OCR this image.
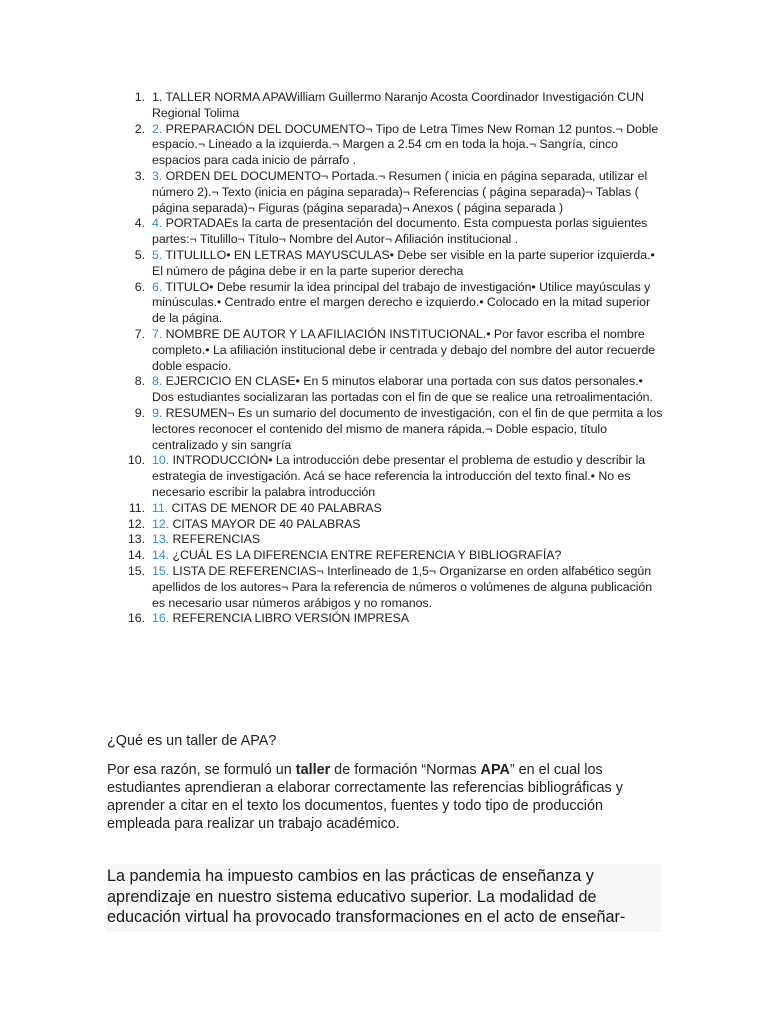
1. 1. TALLER NORMA APAWilliam Guillermo Naranjo Acosta Coordinador Investigación CUN Regional Tolima
2. 2. PREPARACIÓN DEL DOCUMENTO¬ Tipo de Letra Times New Roman 12 puntos.¬ Doble espacio.¬ Lineado a la izquierda.¬ Margen a 2.54 cm en toda la hoja.¬ Sangría, cinco espacios para cada inicio de párrafo .
3. 3. ORDEN DEL DOCUMENTO¬ Portada.¬ Resumen ( inicia en página separada, utilizar el número 2).¬ Texto (inicia en página separada)¬ Referencias ( página separada)¬ Tablas ( página separada)¬ Figuras (página separada)¬ Anexos ( página separada )
4. 4. PORTADAEs la carta de presentación del documento. Esta compuesta porlas siguientes partes:¬ Titulillo¬ Título¬ Nombre del Autor¬ Afiliación institucional .
5. 5. TITULILLO• EN LETRAS MAYUSCULAS• Debe ser visible en la parte superior izquierda.• El número de página debe ir en la parte superior derecha
6. 6. TITULO• Debe resumir la idea principal del trabajo de investigación• Utilice mayúsculas y minúsculas.• Centrado entre el margen derecho e izquierdo.• Colocado en la mitad superior de la página.
7. 7. NOMBRE DE AUTOR Y LA AFILIACIÓN INSTITUCIONAL.• Por favor escriba el nombre completo.• La afiliación institucional debe ir centrada y debajo del nombre del autor recuerde doble espacio.
8. 8. EJERCICIO EN CLASE• En 5 minutos elaborar una portada con sus datos personales.• Dos estudiantes socializaran las portadas con el fin de que se realice una retroalimentación.
9. 9. RESUMEN¬ Es un sumario del documento de investigación, con el fin de que permita a los lectores reconocer el contenido del mismo de manera rápida.¬ Doble espacio, título centralizado y sin sangría
10. 10. INTRODUCCIÓN• La introducción debe presentar el problema de estudio y describir la estrategia de investigación. Acá se hace referencia la introducción del texto final.• No es necesario escribir la palabra introducción
11. 11. CITAS DE MENOR DE 40 PALABRAS
12. 12. CITAS MAYOR DE 40 PALABRAS
13. 13. REFERENCIAS
14. 14. ¿CUÁL ES LA DIFERENCIA ENTRE REFERENCIA Y BIBLIOGRAFÍA?
15. 15. LISTA DE REFERENCIAS¬ Interlineado de 1,5¬ Organizarse en orden alfabético según apellidos de los autores¬ Para la referencia de números o volúmenes de alguna publicación es necesario usar números arábigos y no romanos.
16. 16. REFERENCIA LIBRO VERSIÓN IMPRESA
¿Qué es un taller de APA?
Por esa razón, se formuló un taller de formación “Normas APA” en el cual los estudiantes aprendieran a elaborar correctamente las referencias bibliográficas y aprender a citar en el texto los documentos, fuentes y todo tipo de producción empleada para realizar un trabajo académico.
La pandemia ha impuesto cambios en las prácticas de enseñanza y aprendizaje en nuestro sistema educativo superior. La modalidad de educación virtual ha provocado transformaciones en el acto de enseñar-
